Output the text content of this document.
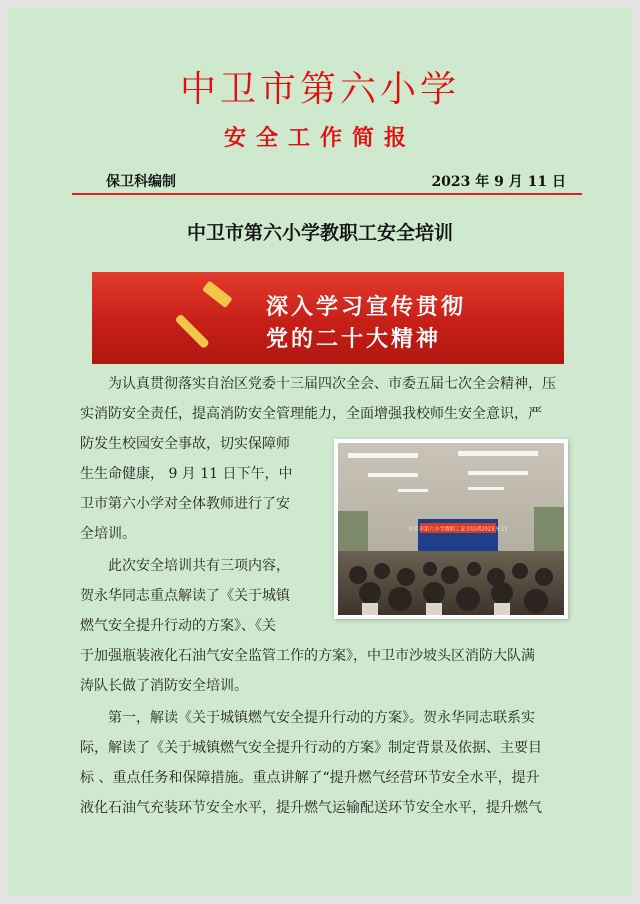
中卫市第六小学
安全工作简报
保卫科编制	2023 年 9 月 11 日
中卫市第六小学教职工安全培训
深入学习宣传贯彻
党的二十大精神
中卫市第六小学教职工安全培训2023.9.11
为认真贯彻落实自治区党委十三届四次全会、市委五届七次全会精神，压
实消防安全责任，提高消防安全管理能力，全面增强我校师生安全意识，严
防发生校园安全事故，切实保障师
生生命健康， 9 月 11 日下午，中
卫市第六小学对全体教师进行了安
全培训。
此次安全培训共有三项内容，
贺永华同志重点解读了《关于城镇
燃气安全提升行动的方案》、《关
于加强瓶装液化石油气安全监管工作的方案》，中卫市沙坡头区消防大队满
涛队长做了消防安全培训。
第一，解读《关于城镇燃气安全提升行动的方案》。贺永华同志联系实
际，解读了《关于城镇燃气安全提升行动的方案》制定背景及依据、主要目
标 、重点任务和保障措施。重点讲解了“提升燃气经营环节安全水平，提升
液化石油气充装环节安全水平，提升燃气运输配送环节安全水平，提升燃气
